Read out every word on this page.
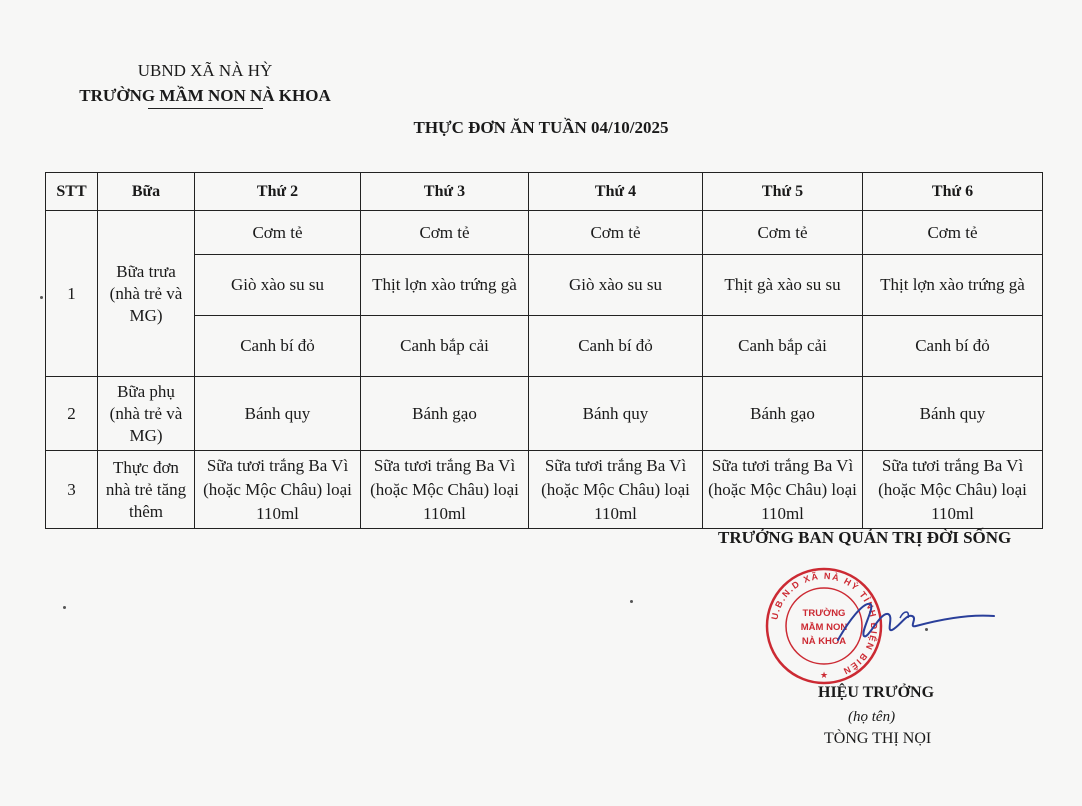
UBND XÃ NÀ HỲ
TRƯỜNG MẦM NON NÀ KHOA
THỰC ĐƠN ĂN TUẦN 04/10/2025
STT	Bữa	Thứ 2	Thứ 3	Thứ 4	Thứ 5	Thứ 6
1	Bữa trưa (nhà trẻ và MG)	Cơm tẻ	Cơm tẻ	Cơm tẻ	Cơm tẻ	Cơm tẻ
		Giò xào su su	Thịt lợn xào trứng gà	Giò xào su su	Thịt gà xào su su	Thịt lợn xào trứng gà
		Canh bí đỏ	Canh bắp cải	Canh bí đỏ	Canh bắp cải	Canh bí đỏ
2	Bữa phụ (nhà trẻ và MG)	Bánh quy	Bánh gạo	Bánh quy	Bánh gạo	Bánh quy
3	Thực đơn nhà trẻ tăng thêm	Sữa tươi trắng Ba Vì (hoặc Mộc Châu) loại 110ml	Sữa tươi trắng Ba Vì (hoặc Mộc Châu) loại 110ml	Sữa tươi trắng Ba Vì (hoặc Mộc Châu) loại 110ml	Sữa tươi trắng Ba Vì (hoặc Mộc Châu) loại 110ml	Sữa tươi trắng Ba Vì (hoặc Mộc Châu) loại 110ml
TRƯỞNG BAN QUẢN TRỊ ĐỜI SỐNG
U.B.N.D XÃ NÀ HỲ TỈNH ĐIỆN BIÊN
TRƯỜNG
MẦM NON
NÀ KHOA
★
HIỆU TRƯỞNG
(họ tên)
TÒNG THỊ NỌI
